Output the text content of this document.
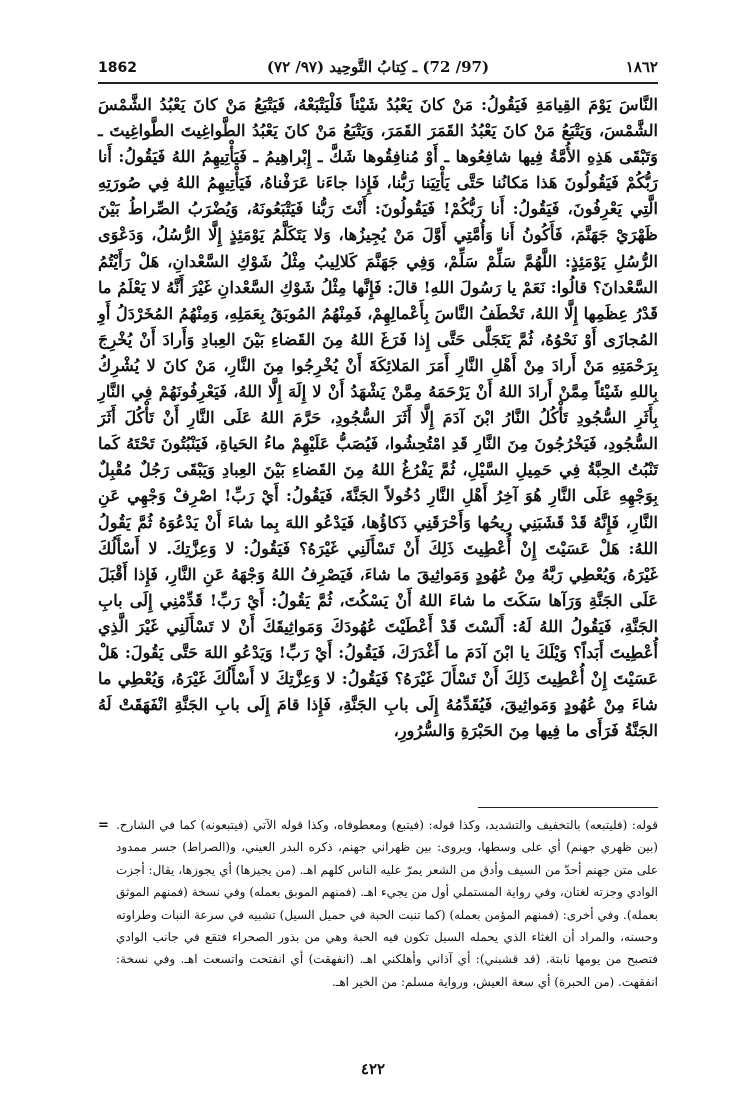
1862	(97/ 72) ـ كِتابُ التَّوحِيد (٩٧/ ٧٢)	١٨٦٢
النَّاسَ يَوْمَ القِيامَةِ فَيَقُولُ: مَنْ كانَ يَعْبُدُ شَيْئاً فَلْيَتْبَعْهُ، فَيَتْبَعُ مَنْ كانَ يَعْبُدُ الشَّمْسَ الشَّمْسَ، وَيَتْبَعُ مَنْ كانَ يَعْبُدُ القَمَرَ القَمَرَ، وَيَتْبَعُ مَنْ كانَ يَعْبُدُ الطَّواغِيتَ الطَّواغِيتَ ـ وَتَبْقَى هَذِهِ الأُمَّةُ فِيها شافِعُوها ـ أَوْ مُنافِقُوها شَكَّ ـ إِبْراهِيمُ ـ فَيَأْتِيهِمُ اللهُ فَيَقُولُ: أَنا رَبُّكُمْ فَيَقُولُونَ هَذا مَكانُنا حَتَّى يَأْتِيَنا رَبُّنا، فَإِذا جاءَنا عَرَفْناهُ، فَيَأْتِيهِمُ اللهُ فِي صُورَتِهِ الَّتِي يَعْرِفُونَ، فَيَقُولُ: أَنا رَبُّكُمْ! فَيَقُولُونَ: أَنْتَ رَبُّنا فَيَتْبَعُونَهُ، وَيُضْرَبُ الصِّراطُ بَيْنَ ظَهْرَيْ جَهَنَّمَ، فَأَكُونُ أَنا وَأُمَّتِي أَوَّلَ مَنْ يُجِيزُها، وَلا يَتَكَلَّمُ يَوْمَئِذٍ إِلَّا الرُّسُلُ، وَدَعْوَى الرُّسُلِ يَوْمَئِذٍ: اللَّهُمَّ سَلِّمْ سَلِّمْ، وَفِي جَهَنَّمَ كَلالِيبُ مِثْلُ شَوْكِ السَّعْدانِ، هَلْ رَأَيْتُمُ السَّعْدانَ؟ قالُوا: نَعَمْ يا رَسُولَ اللهِ! قالَ: فَإِنَّها مِثْلُ شَوْكِ السَّعْدانِ غَيْرَ أَنَّهُ لا يَعْلَمُ ما قَدْرُ عِظَمِها إِلَّا اللهُ، تَخْطَفُ النَّاسَ بِأَعْمالِهِمْ، فَمِنْهُمُ المُوبَقُ بِعَمَلِهِ، وَمِنْهُمُ المُخَرْدَلُ أَوِ المُجازَى أَوْ نَحْوُهُ، ثُمَّ يَتَجَلَّى حَتَّى إِذا فَرَغَ اللهُ مِنَ القَضاءِ بَيْنَ العِبادِ وَأَرادَ أَنْ يُخْرِجَ بِرَحْمَتِهِ مَنْ أَرادَ مِنْ أَهْلِ النَّارِ أَمَرَ المَلائِكَةَ أَنْ يُخْرِجُوا مِنَ النَّارِ، مَنْ كانَ لا يُشْرِكُ بِاللهِ شَيْئاً مِمَّنْ أَرادَ اللهُ أَنْ يَرْحَمَهُ مِمَّنْ يَشْهَدُ أَنْ لا إِلَهَ إِلَّا اللهُ، فَيَعْرِفُونَهُمْ فِي النَّارِ بِأَثَرِ السُّجُودِ تَأْكُلُ النَّارُ ابْنَ آدَمَ إِلَّا أَثَرَ السُّجُودِ، حَرَّمَ اللهُ عَلَى النَّارِ أَنْ تَأْكُلَ أَثَرَ السُّجُودِ، فَيَخْرُجُونَ مِنَ النَّارِ قَدِ امْتُحِشُوا، فَيُصَبُّ عَلَيْهِمْ ماءُ الحَياةِ، فَيَنْبُتُونَ تَحْتَهُ كَما تَنْبُتُ الحِبَّةُ فِي حَمِيلِ السَّيْلِ، ثُمَّ يَفْرُغُ اللهُ مِنَ القَضاءِ بَيْنَ العِبادِ وَيَبْقَى رَجُلٌ مُقْبِلٌ بِوَجْهِهِ عَلَى النَّارِ هُوَ آخِرُ أَهْلِ النَّارِ دُخُولاً الجَنَّةَ، فَيَقُولُ: أَيْ رَبِّ! اصْرِفْ وَجْهِي عَنِ النَّارِ، فَإِنَّهُ قَدْ قَشَبَنِي رِيحُها وَأَحْرَقَنِي ذَكاؤُها، فَيَدْعُو اللهَ بِما شاءَ أَنْ يَدْعُوَهُ ثُمَّ يَقُولُ اللهُ: هَلْ عَسَيْتَ إِنْ أُعْطِيتَ ذَلِكَ أَنْ تَسْأَلَنِي غَيْرَهُ؟ فَيَقُولُ: لا وَعِزَّتِكَ. لا أَسْأَلُكَ غَيْرَهُ، وَيُعْطِي رَبَّهُ مِنْ عُهُودٍ وَمَواثِيقَ ما شاءَ، فَيَصْرِفُ اللهُ وَجْهَهُ عَنِ النَّارِ، فَإِذا أَقْبَلَ عَلَى الجَنَّةِ وَرَآها سَكَتَ ما شاءَ اللهُ أَنْ يَسْكُتَ، ثُمَّ يَقُولُ: أَيْ رَبِّ! قَدِّمْنِي إِلَى بابِ الجَنَّةِ، فَيَقُولُ اللهُ لَهُ: أَلَسْتَ قَدْ أَعْطَيْتَ عُهُودَكَ وَمَواثِيقَكَ أَنْ لا تَسْأَلَنِي غَيْرَ الَّذِي أُعْطِيتَ أَبَداً؟ وَيْلَكَ يا ابْنَ آدَمَ ما أَغْدَرَكَ، فَيَقُولُ: أَيْ رَبِّ! وَيَدْعُو اللهَ حَتَّى يَقُولَ: هَلْ عَسَيْتَ إِنْ أُعْطِيتَ ذَلِكَ أَنْ تَسْأَلَ غَيْرَهُ؟ فَيَقُولُ: لا وَعِزَّتِكَ لا أَسْأَلُكَ غَيْرَهُ، وَيُعْطِي ما شاءَ مِنْ عُهُودٍ وَمَواثِيقَ، فَيُقَدِّمُهُ إِلَى بابِ الجَنَّةِ، فَإِذا قامَ إِلَى بابِ الجَنَّةِ انْفَهَقَتْ لَهُ الجَنَّةُ فَرَأَى ما فِيها مِنَ الحَبْرَةِ وَالسُّرُورِ،
= قوله: (فليتبعه) بالتخفيف والتشديد، وكذا قوله: (فيتبع) ومعطوفاه، وكذا قوله الآتي (فيتبعونه) كما في الشارح. (بين ظهري جهنم) أي على وسطها، ويروى: بين ظهراني جهنم، ذكره البدر العيني، و(الصراط) جسر ممدود على متن جهنم أحدّ من السيف وأدق من الشعر يمرّ عليه الناس كلهم اهـ. (من يجيزها) أي يجوزها، يقال: أجزت الوادي وجزته لغتان، وفي رواية المستملي أول من يجيء اهـ. (فمنهم الموبق بعمله) وفي نسخة (فمنهم الموثق بعمله). وفي أخرى: (فمنهم المؤمن بعمله) (كما تنبت الحبة في حميل السيل) تشبيه في سرعة النبات وطراوته وحسنه، والمراد أن الغثاء الذي يحمله السيل تكون فيه الحبة وهي من بذور الصحراء فتقع في جانب الوادي فتصبح من يومها نابتة. (قد قشبني): أي آذاني وأهلكني اهـ. (انفهقت) أي انفتحت واتسعت اهـ. وفي نسخة: انفقهت. (من الحبرة) أي سعة العيش، ورواية مسلم: من الخير اهـ.
٤٢٢
